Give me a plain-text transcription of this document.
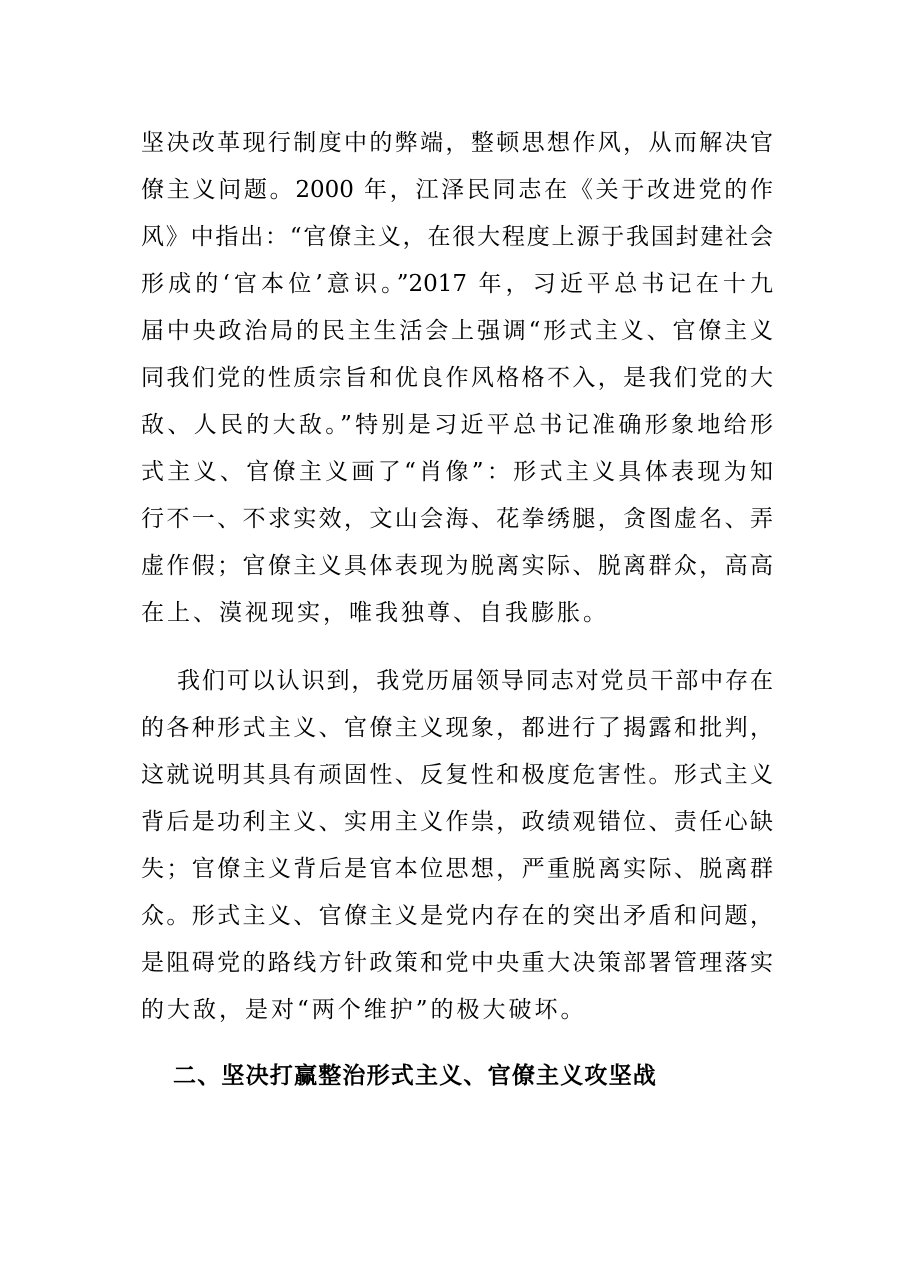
坚决改革现行制度中的弊端，整顿思想作风，从而解决官
僚主义问题。2000 年，江泽民同志在《关于改进党的作
风》中指出：“官僚主义，在很大程度上源于我国封建社会
形成的‘官本位’意识。”2017 年，习近平总书记在十九
届中央政治局的民主生活会上强调“形式主义、官僚主义
同我们党的性质宗旨和优良作风格格不入，是我们党的大
敌、人民的大敌。”特别是习近平总书记准确形象地给形
式主义、官僚主义画了“肖像”：形式主义具体表现为知
行不一、不求实效，文山会海、花拳绣腿，贪图虚名、弄
虚作假；官僚主义具体表现为脱离实际、脱离群众，高高
在上、漠视现实，唯我独尊、自我膨胀。
我们可以认识到，我党历届领导同志对党员干部中存在
的各种形式主义、官僚主义现象，都进行了揭露和批判，
这就说明其具有顽固性、反复性和极度危害性。形式主义
背后是功利主义、实用主义作祟，政绩观错位、责任心缺
失；官僚主义背后是官本位思想，严重脱离实际、脱离群
众。形式主义、官僚主义是党内存在的突出矛盾和问题，
是阻碍党的路线方针政策和党中央重大决策部署管理落实
的大敌，是对“两个维护”的极大破坏。
二、坚决打赢整治形式主义、官僚主义攻坚战
